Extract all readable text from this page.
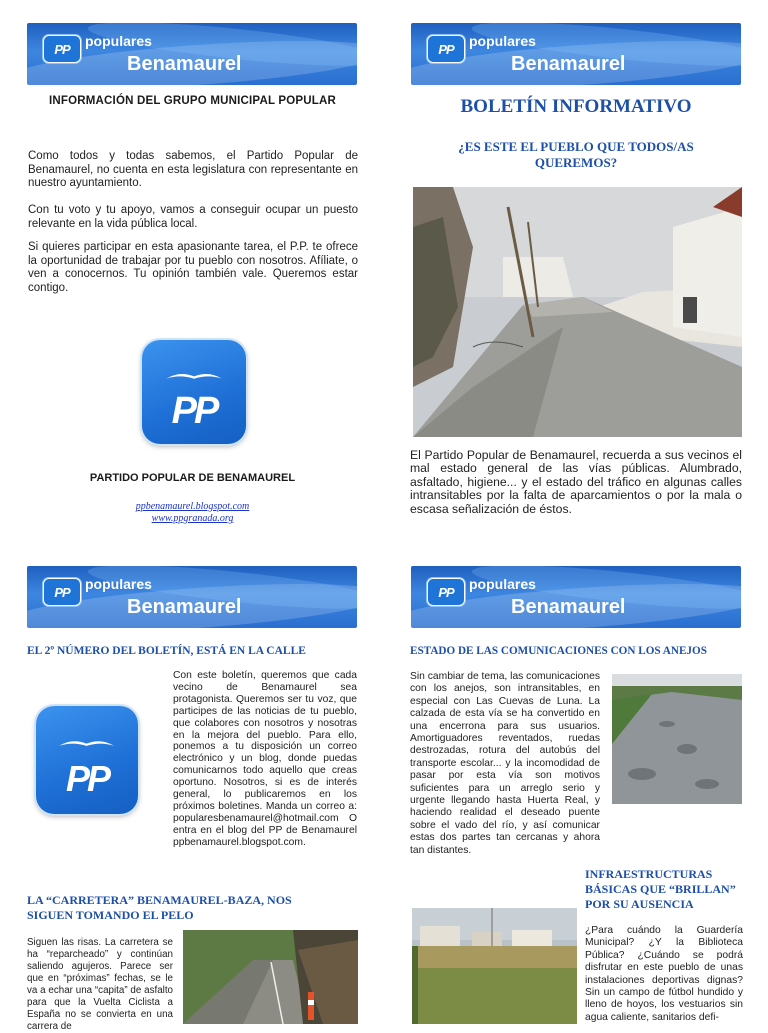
PP populares
Benamaurel
INFORMACIÓN DEL GRUPO MUNICIPAL POPULAR
Como todos y todas sabemos, el Partido Popular de Benamaurel, no cuenta en esta legislatura con representante en nuestro ayuntamiento.
Con tu voto y tu apoyo, vamos a conseguir ocupar un puesto relevante en la vida pública local.
Si quieres participar en esta apasionante tarea, el P.P. te ofrece la oportunidad de trabajar por tu pueblo con nosotros. Afíliate, o ven a conocernos. Tu opinión también vale. Queremos estar contigo.
PP
PARTIDO POPULAR DE BENAMAUREL
ppbenamaurel.blogspot.com
www.ppgranada.org
PP populares
Benamaurel
BOLETÍN INFORMATIVO
¿ES ESTE EL PUEBLO QUE TODOS/AS QUEREMOS?
El Partido Popular de Benamaurel, recuerda a sus vecinos el mal estado general de las vías públicas. Alumbrado, asfaltado, higiene... y el estado del tráfico en algunas calles intransitables por la falta de aparcamientos o por la mala o escasa señalización de éstos.
PP populares
Benamaurel
EL 2º NÚMERO DEL BOLETÍN, ESTÁ EN LA CALLE
PP
Con este boletín, queremos que cada vecino de Benamaurel sea protagonista. Queremos ser tu voz, que participes de las noticias de tu pueblo, que colabores con nosotros y nosotras en la mejora del pueblo. Para ello, ponemos a tu disposición un correo electrónico y un blog, donde puedas comunicarnos todo aquello que creas oportuno. Nosotros, si es de interés general, lo publicaremos en los próximos boletines. Manda un correo a: popularesbenamaurel@hotmail.com O entra en el blog del PP de Benamaurel ppbenamaurel.blogspot.com.
LA “CARRETERA” BENAMAUREL-BAZA, NOS SIGUEN TOMANDO EL PELO
Siguen las risas. La carretera se ha “reparcheado” y continúan saliendo agujeros. Parece ser que en “próximas” fechas, se le va a echar una “capita” de asfalto para que la Vuelta Ciclista a España no se convierta en una carrera de
PP populares
Benamaurel
ESTADO DE LAS COMUNICACIONES CON LOS ANEJOS
Sin cambiar de tema, las comunicaciones con los anejos, son intransitables, en especial con Las Cuevas de Luna. La calzada de esta vía se ha convertido en una encerrona para sus usuarios. Amortiguadores reventados, ruedas destrozadas, rotura del autobús del transporte escolar... y la incomodidad de pasar por esta vía son motivos suficientes para un arreglo serio y urgente llegando hasta Huerta Real, y haciendo realidad el deseado puente sobre el vado del río, y así comunicar estas dos partes tan cercanas y ahora tan distantes.
INFRAESTRUCTURAS BÁSICAS QUE “BRILLAN” POR SU AUSENCIA
¿Para cuándo la Guardería Municipal? ¿Y la Biblioteca Pública? ¿Cuándo se podrá disfrutar en este pueblo de unas instalaciones deportivas dignas? Sin un campo de fútbol hundido y lleno de hoyos, los vestuarios sin agua caliente, sanitarios defi-
